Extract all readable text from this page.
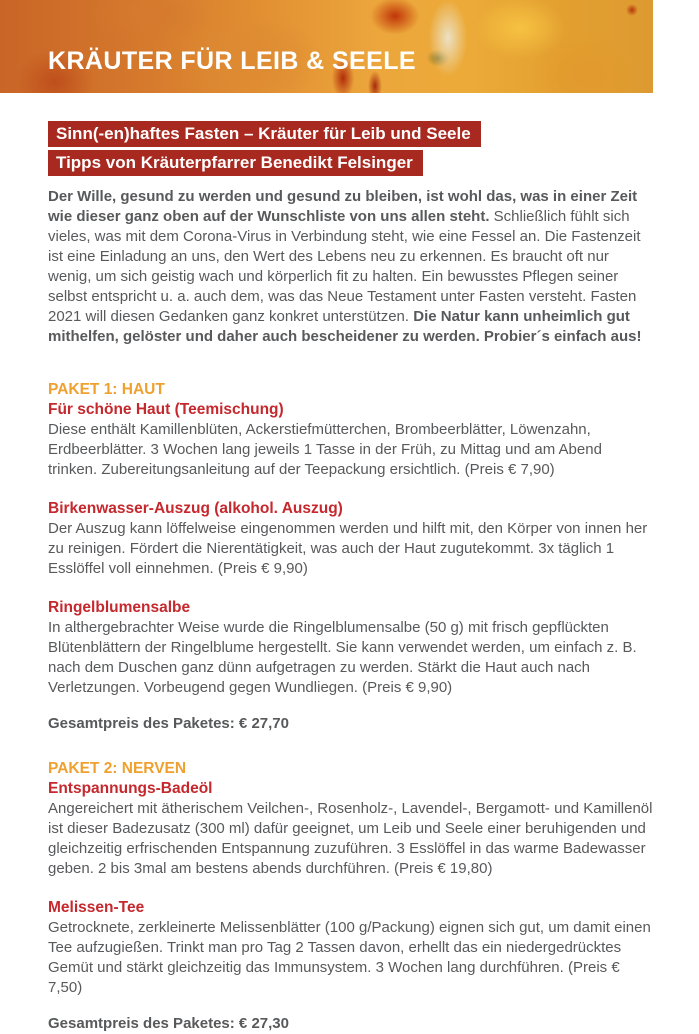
KRÄUTER FÜR LEIB & SEELE
Sinn(-en)haftes Fasten – Kräuter für Leib und Seele
Tipps von Kräuterpfarrer Benedikt Felsinger

Der Wille, gesund zu werden und gesund zu bleiben, ist wohl das, was in einer Zeit wie dieser ganz oben auf der Wunschliste von uns allen steht. Schließlich fühlt sich vieles, was mit dem Corona-Virus in Verbindung steht, wie eine Fessel an. Die Fastenzeit ist eine Einladung an uns, den Wert des Lebens neu zu erkennen. Es braucht oft nur wenig, um sich geistig wach und körperlich fit zu halten. Ein bewusstes Pflegen seiner selbst entspricht u. a. auch dem, was das Neue Testament unter Fasten versteht. Fasten 2021 will diesen Gedanken ganz konkret unterstützen. Die Natur kann unheimlich gut mithelfen, gelöster und daher auch bescheidener zu werden. Probier´s einfach aus!

PAKET 1: HAUT

Für schöne Haut (Teemischung)

Diese enthält Kamillenblüten, Ackerstiefmütterchen, Brombeerblätter, Löwenzahn, Erdbeerblätter. 3 Wochen lang jeweils 1 Tasse in der Früh, zu Mittag und am Abend trinken. Zubereitungsanleitung auf der Teepackung ersichtlich. (Preis € 7,90)

Birkenwasser-Auszug (alkohol. Auszug)

Der Auszug kann löffelweise eingenommen werden und hilft mit, den Körper von innen her zu reinigen. Fördert die Nierentätigkeit, was auch der Haut zugutekommt. 3x täglich 1 Esslöffel voll einnehmen. (Preis € 9,90)

Ringelblumensalbe

In althergebrachter Weise wurde die Ringelblumensalbe (50 g) mit frisch gepflückten Blütenblättern der Ringelblume hergestellt. Sie kann verwendet werden, um einfach z. B. nach dem Duschen ganz dünn aufgetragen zu werden. Stärkt die Haut auch nach Verletzungen. Vorbeugend gegen Wundliegen. (Preis € 9,90)

Gesamtpreis des Paketes: € 27,70

PAKET 2: NERVEN

Entspannungs-Badeöl

Angereichert mit ätherischem Veilchen-, Rosenholz-, Lavendel-, Bergamott- und Kamillenöl ist dieser Badezusatz (300 ml) dafür geeignet, um Leib und Seele einer beruhigenden und gleichzeitig erfrischenden Entspannung zuzuführen. 3 Esslöffel in das warme Badewasser geben. 2 bis 3mal am bestens abends durchführen. (Preis € 19,80)

Melissen-Tee

Getrocknete, zerkleinerte Melissenblätter (100 g/Packung) eignen sich gut, um damit einen Tee aufzugießen. Trinkt man pro Tag 2 Tassen davon, erhellt das ein niedergedrücktes Gemüt und stärkt gleichzeitig das Immunsystem. 3 Wochen lang durchführen. (Preis € 7,50)

Gesamtpreis des Paketes: € 27,30
